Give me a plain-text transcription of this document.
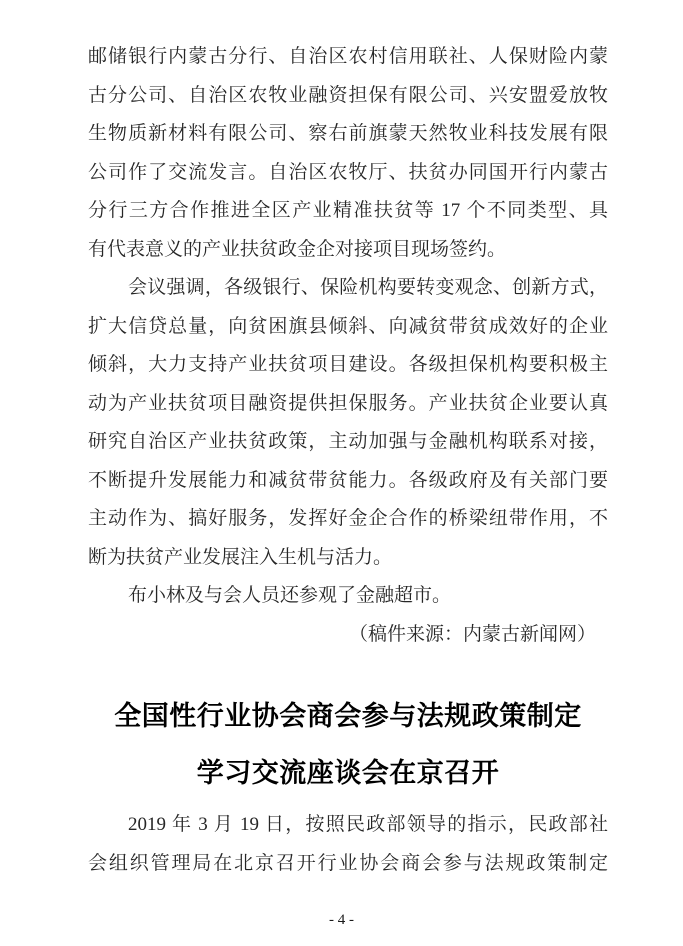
邮储银行内蒙古分行、自治区农村信用联社、人保财险内蒙
古分公司、自治区农牧业融资担保有限公司、兴安盟爱放牧
生物质新材料有限公司、察右前旗蒙天然牧业科技发展有限
公司作了交流发言。自治区农牧厅、扶贫办同国开行内蒙古
分行三方合作推进全区产业精准扶贫等 17 个不同类型、具
有代表意义的产业扶贫政金企对接项目现场签约。
会议强调，各级银行、保险机构要转变观念、创新方式，
扩大信贷总量，向贫困旗县倾斜、向减贫带贫成效好的企业
倾斜，大力支持产业扶贫项目建设。各级担保机构要积极主
动为产业扶贫项目融资提供担保服务。产业扶贫企业要认真
研究自治区产业扶贫政策，主动加强与金融机构联系对接，
不断提升发展能力和减贫带贫能力。各级政府及有关部门要
主动作为、搞好服务，发挥好金企合作的桥梁纽带作用，不
断为扶贫产业发展注入生机与活力。
布小林及与会人员还参观了金融超市。
（稿件来源：内蒙古新闻网）
全国性行业协会商会参与法规政策制定
学习交流座谈会在京召开
2019 年 3 月 19 日，按照民政部领导的指示，民政部社
会组织管理局在北京召开行业协会商会参与法规政策制定
- 4 -
